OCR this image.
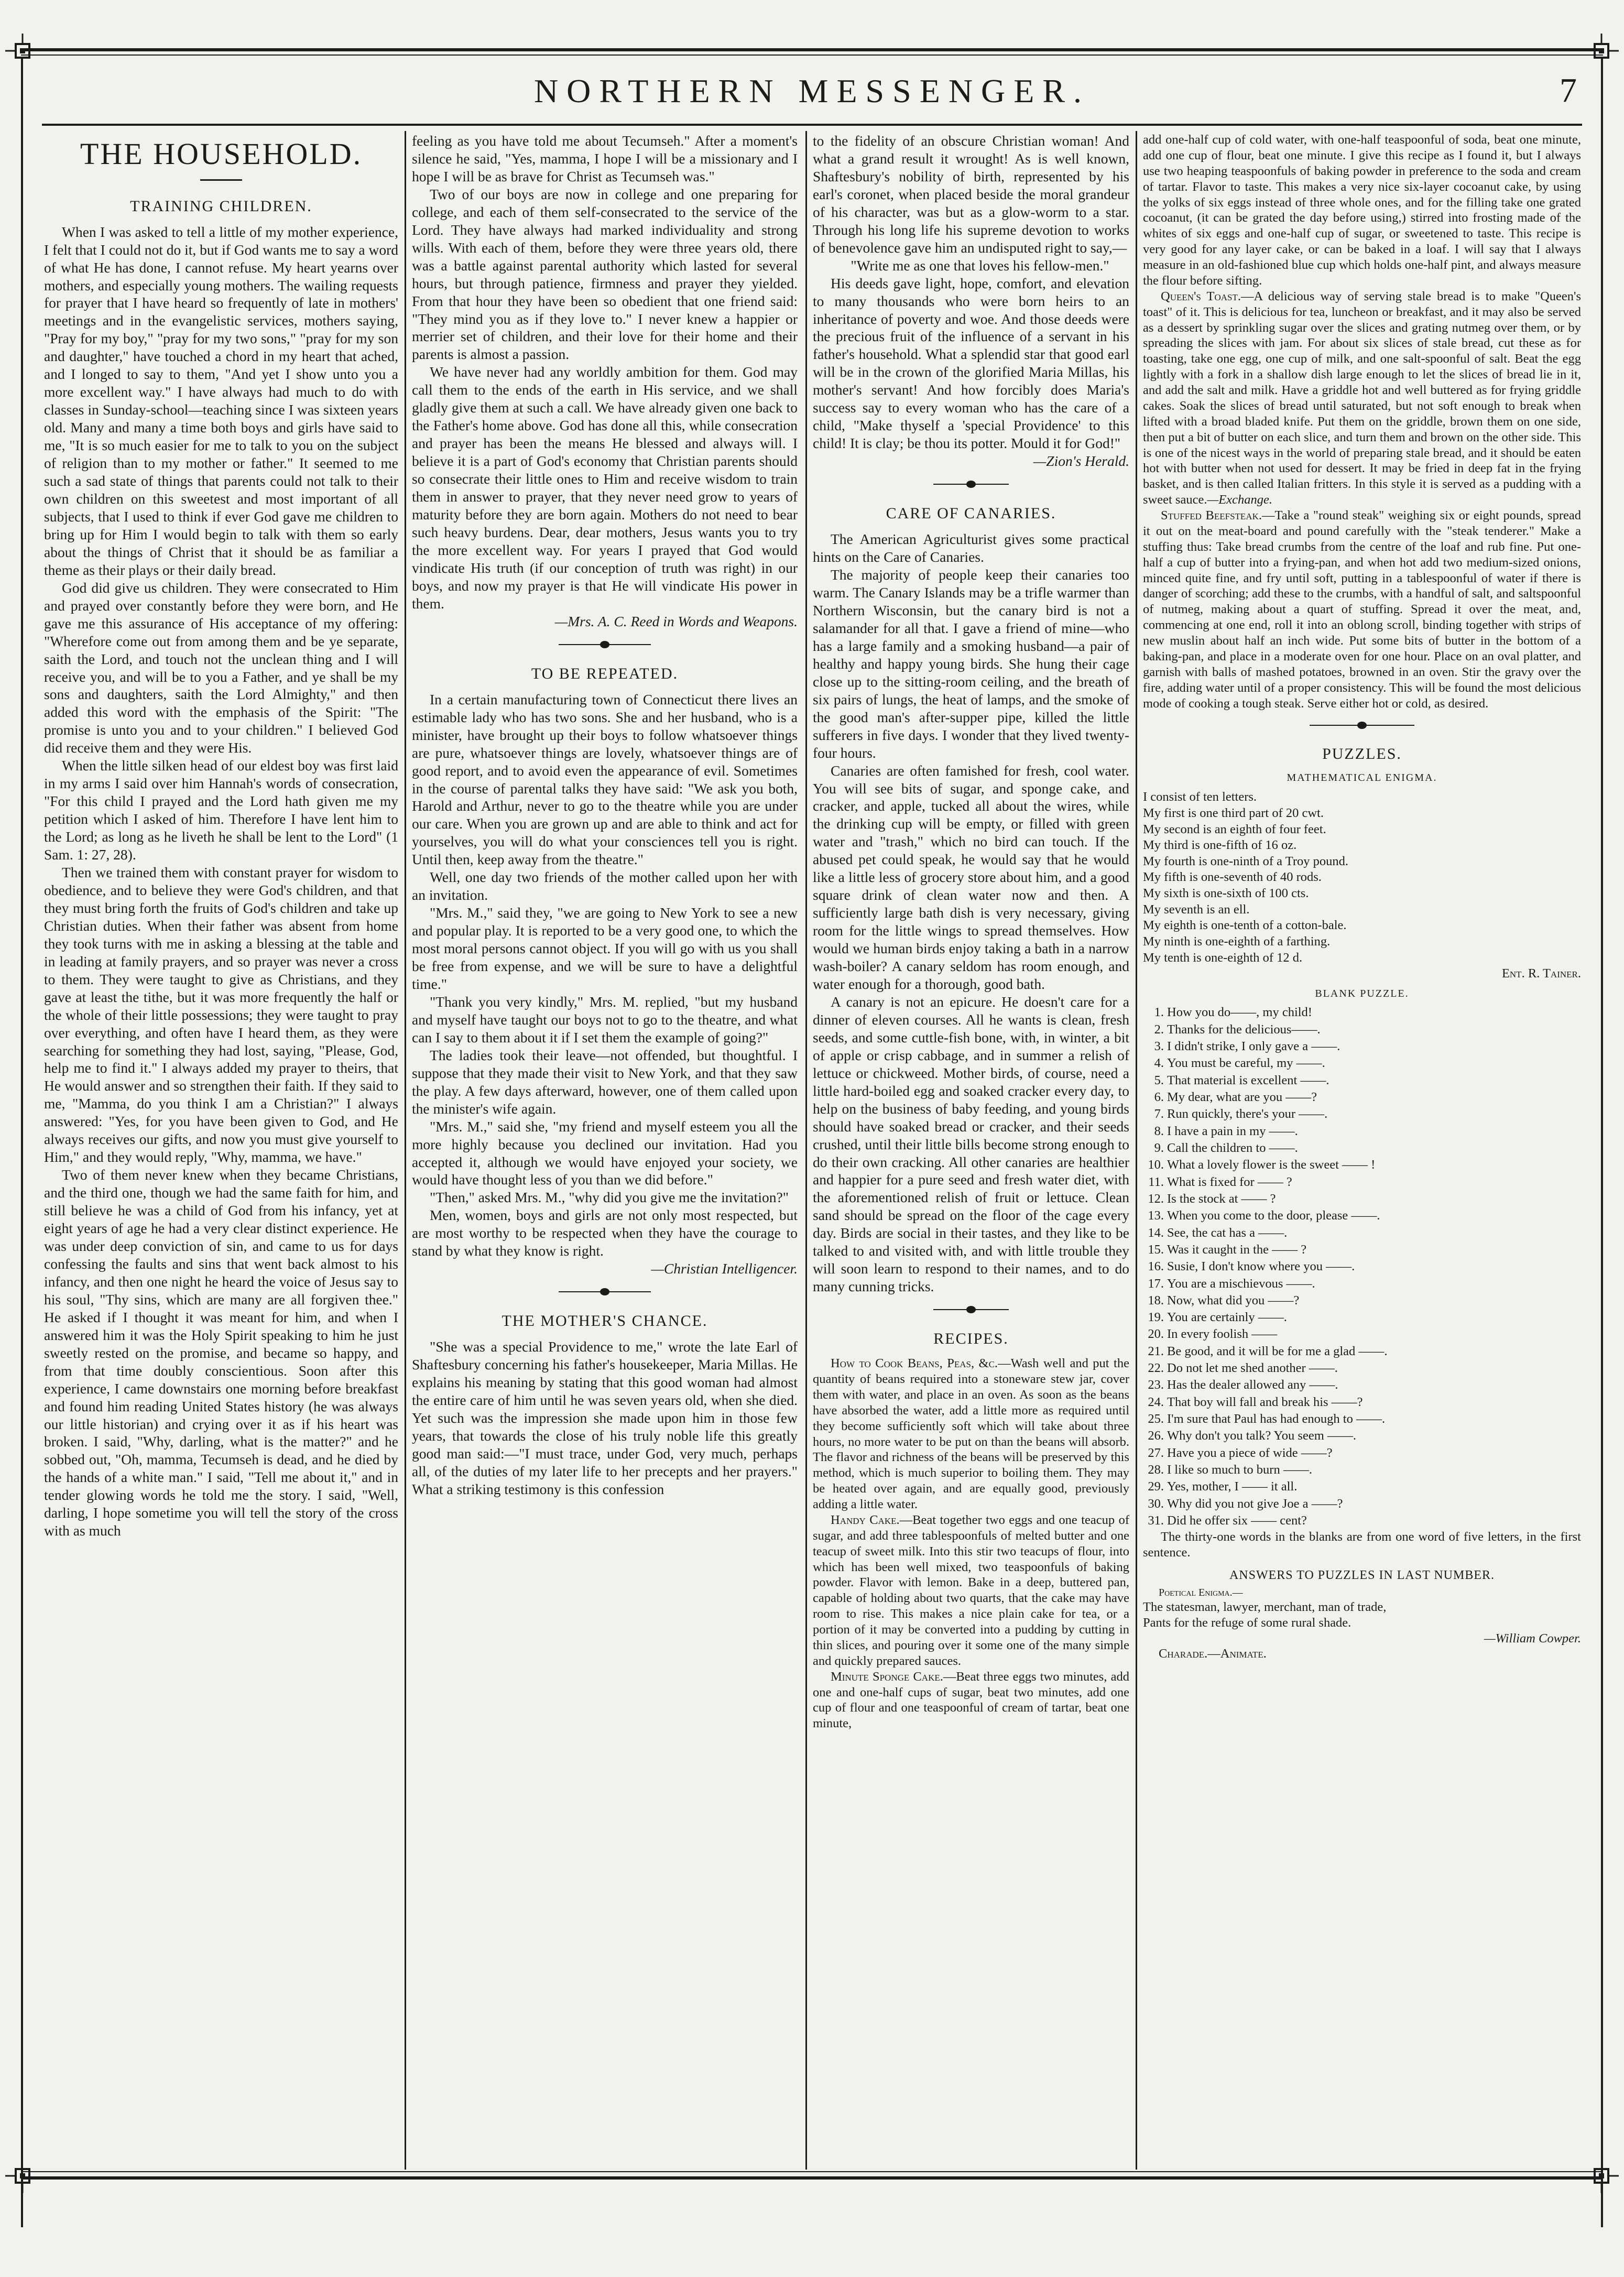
NORTHERN MESSENGER.	7
THE HOUSEHOLD.
TRAINING CHILDREN.

When I was asked to tell a little of my mother experience, I felt that I could not do it, but if God wants me to say a word of what He has done, I cannot refuse. My heart yearns over mothers, and especially young mothers. The wailing requests for prayer that I have heard so frequently of late in mothers' meetings and in the evangelistic services, mothers saying, "Pray for my boy," "pray for my two sons," "pray for my son and daughter," have touched a chord in my heart that ached, and I longed to say to them, "And yet I show unto you a more excellent way." I have always had much to do with classes in Sunday-school—teaching since I was sixteen years old. Many and many a time both boys and girls have said to me, "It is so much easier for me to talk to you on the subject of religion than to my mother or father." It seemed to me such a sad state of things that parents could not talk to their own children on this sweetest and most important of all subjects, that I used to think if ever God gave me children to bring up for Him I would begin to talk with them so early about the things of Christ that it should be as familiar a theme as their plays or their daily bread.

God did give us children. They were consecrated to Him and prayed over constantly before they were born, and He gave me this assurance of His acceptance of my offering: "Wherefore come out from among them and be ye separate, saith the Lord, and touch not the unclean thing and I will receive you, and will be to you a Father, and ye shall be my sons and daughters, saith the Lord Almighty," and then added this word with the emphasis of the Spirit: "The promise is unto you and to your children." I believed God did receive them and they were His.

When the little silken head of our eldest boy was first laid in my arms I said over him Hannah's words of consecration, "For this child I prayed and the Lord hath given me my petition which I asked of him. Therefore I have lent him to the Lord; as long as he liveth he shall be lent to the Lord" (1 Sam. 1: 27, 28).

Then we trained them with constant prayer for wisdom to obedience, and to believe they were God's children, and that they must bring forth the fruits of God's children and take up Christian duties. When their father was absent from home they took turns with me in asking a blessing at the table and in leading at family prayers, and so prayer was never a cross to them. They were taught to give as Christians, and they gave at least the tithe, but it was more frequently the half or the whole of their little possessions; they were taught to pray over everything, and often have I heard them, as they were searching for something they had lost, saying, "Please, God, help me to find it." I always added my prayer to theirs, that He would answer and so strengthen their faith. If they said to me, "Mamma, do you think I am a Christian?" I always answered: "Yes, for you have been given to God, and He always receives our gifts, and now you must give yourself to Him," and they would reply, "Why, mamma, we have."

Two of them never knew when they became Christians, and the third one, though we had the same faith for him, and still believe he was a child of God from his infancy, yet at eight years of age he had a very clear distinct experience. He was under deep conviction of sin, and came to us for days confessing the faults and sins that went back almost to his infancy, and then one night he heard the voice of Jesus say to his soul, "Thy sins, which are many are all forgiven thee." He asked if I thought it was meant for him, and when I answered him it was the Holy Spirit speaking to him he just sweetly rested on the promise, and became so happy, and from that time doubly conscientious. Soon after this experience, I came downstairs one morning before breakfast and found him reading United States history (he was always our little historian) and crying over it as if his heart was broken. I said, "Why, darling, what is the matter?" and he sobbed out, "Oh, mamma, Tecumseh is dead, and he died by the hands of a white man." I said, "Tell me about it," and in tender glowing words he told me the story. I said, "Well, darling, I hope sometime you will tell the story of the cross with as much

feeling as you have told me about Tecumseh." After a moment's silence he said, "Yes, mamma, I hope I will be a missionary and I hope I will be as brave for Christ as Tecumseh was."

Two of our boys are now in college and one preparing for college, and each of them self-consecrated to the service of the Lord. They have always had marked individuality and strong wills. With each of them, before they were three years old, there was a battle against parental authority which lasted for several hours, but through patience, firmness and prayer they yielded. From that hour they have been so obedient that one friend said: "They mind you as if they love to." I never knew a happier or merrier set of children, and their love for their home and their parents is almost a passion.

We have never had any worldly ambition for them. God may call them to the ends of the earth in His service, and we shall gladly give them at such a call. We have already given one back to the Father's home above. God has done all this, while consecration and prayer has been the means He blessed and always will. I believe it is a part of God's economy that Christian parents should so consecrate their little ones to Him and receive wisdom to train them in answer to prayer, that they never need grow to years of maturity before they are born again. Mothers do not need to bear such heavy burdens. Dear, dear mothers, Jesus wants you to try the more excellent way. For years I prayed that God would vindicate His truth (if our conception of truth was right) in our boys, and now my prayer is that He will vindicate His power in them.

—Mrs. A. C. Reed in Words and Weapons.

TO BE REPEATED.

In a certain manufacturing town of Connecticut there lives an estimable lady who has two sons. She and her husband, who is a minister, have brought up their boys to follow whatsoever things are pure, whatsoever things are lovely, whatsoever things are of good report, and to avoid even the appearance of evil. Sometimes in the course of parental talks they have said: "We ask you both, Harold and Arthur, never to go to the theatre while you are under our care. When you are grown up and are able to think and act for yourselves, you will do what your consciences tell you is right. Until then, keep away from the theatre."

Well, one day two friends of the mother called upon her with an invitation.

"Mrs. M.," said they, "we are going to New York to see a new and popular play. It is reported to be a very good one, to which the most moral persons cannot object. If you will go with us you shall be free from expense, and we will be sure to have a delightful time."

"Thank you very kindly," Mrs. M. replied, "but my husband and myself have taught our boys not to go to the theatre, and what can I say to them about it if I set them the example of going?"

The ladies took their leave—not offended, but thoughtful. I suppose that they made their visit to New York, and that they saw the play. A few days afterward, however, one of them called upon the minister's wife again.

"Mrs. M.," said she, "my friend and myself esteem you all the more highly because you declined our invitation. Had you accepted it, although we would have enjoyed your society, we would have thought less of you than we did before."

"Then," asked Mrs. M., "why did you give me the invitation?"

Men, women, boys and girls are not only most respected, but are most worthy to be respected when they have the courage to stand by what they know is right.

—Christian Intelligencer.

THE MOTHER'S CHANCE.

"She was a special Providence to me," wrote the late Earl of Shaftesbury concerning his father's housekeeper, Maria Millas. He explains his meaning by stating that this good woman had almost the entire care of him until he was seven years old, when she died. Yet such was the impression she made upon him in those few years, that towards the close of his truly noble life this greatly good man said:—"I must trace, under God, very much, perhaps all, of the duties of my later life to her precepts and her prayers." What a striking testimony is this confession

to the fidelity of an obscure Christian woman! And what a grand result it wrought! As is well known, Shaftesbury's nobility of birth, represented by his earl's coronet, when placed beside the moral grandeur of his character, was but as a glow-worm to a star. Through his long life his supreme devotion to works of benevolence gave him an undisputed right to say,—

"Write me as one that loves his fellow-men."

His deeds gave light, hope, comfort, and elevation to many thousands who were born heirs to an inheritance of poverty and woe. And those deeds were the precious fruit of the influence of a servant in his father's household. What a splendid star that good earl will be in the crown of the glorified Maria Millas, his mother's servant! And how forcibly does Maria's success say to every woman who has the care of a child, "Make thyself a 'special Providence' to this child! It is clay; be thou its potter. Mould it for God!"

—Zion's Herald.

CARE OF CANARIES.

The American Agriculturist gives some practical hints on the Care of Canaries.

The majority of people keep their canaries too warm. The Canary Islands may be a trifle warmer than Northern Wisconsin, but the canary bird is not a salamander for all that. I gave a friend of mine—who has a large family and a smoking husband—a pair of healthy and happy young birds. She hung their cage close up to the sitting-room ceiling, and the breath of six pairs of lungs, the heat of lamps, and the smoke of the good man's after-supper pipe, killed the little sufferers in five days. I wonder that they lived twenty-four hours.

Canaries are often famished for fresh, cool water. You will see bits of sugar, and sponge cake, and cracker, and apple, tucked all about the wires, while the drinking cup will be empty, or filled with green water and "trash," which no bird can touch. If the abused pet could speak, he would say that he would like a little less of grocery store about him, and a good square drink of clean water now and then. A sufficiently large bath dish is very necessary, giving room for the little wings to spread themselves. How would we human birds enjoy taking a bath in a narrow wash-boiler? A canary seldom has room enough, and water enough for a thorough, good bath.

A canary is not an epicure. He doesn't care for a dinner of eleven courses. All he wants is clean, fresh seeds, and some cuttle-fish bone, with, in winter, a bit of apple or crisp cabbage, and in summer a relish of lettuce or chickweed. Mother birds, of course, need a little hard-boiled egg and soaked cracker every day, to help on the business of baby feeding, and young birds should have soaked bread or cracker, and their seeds crushed, until their little bills become strong enough to do their own cracking. All other canaries are healthier and happier for a pure seed and fresh water diet, with the aforementioned relish of fruit or lettuce. Clean sand should be spread on the floor of the cage every day. Birds are social in their tastes, and they like to be talked to and visited with, and with little trouble they will soon learn to respond to their names, and to do many cunning tricks.

RECIPES.

How to Cook Beans, Peas, &c.—Wash well and put the quantity of beans required into a stoneware stew jar, cover them with water, and place in an oven. As soon as the beans have absorbed the water, add a little more as required until they become sufficiently soft which will take about three hours, no more water to be put on than the beans will absorb. The flavor and richness of the beans will be preserved by this method, which is much superior to boiling them. They may be heated over again, and are equally good, previously adding a little water.

Handy Cake.—Beat together two eggs and one teacup of sugar, and add three tablespoonfuls of melted butter and one teacup of sweet milk. Into this stir two teacups of flour, into which has been well mixed, two teaspoonfuls of baking powder. Flavor with lemon. Bake in a deep, buttered pan, capable of holding about two quarts, that the cake may have room to rise. This makes a nice plain cake for tea, or a portion of it may be converted into a pudding by cutting in thin slices, and pouring over it some one of the many simple and quickly prepared sauces.

Minute Sponge Cake.—Beat three eggs two minutes, add one and one-half cups of sugar, beat two minutes, add one cup of flour and one teaspoonful of cream of tartar, beat one minute,

add one-half cup of cold water, with one-half teaspoonful of soda, beat one minute, add one cup of flour, beat one minute. I give this recipe as I found it, but I always use two heaping teaspoonfuls of baking powder in preference to the soda and cream of tartar. Flavor to taste. This makes a very nice six-layer cocoanut cake, by using the yolks of six eggs instead of three whole ones, and for the filling take one grated cocoanut, (it can be grated the day before using,) stirred into frosting made of the whites of six eggs and one-half cup of sugar, or sweetened to taste. This recipe is very good for any layer cake, or can be baked in a loaf. I will say that I always measure in an old-fashioned blue cup which holds one-half pint, and always measure the flour before sifting.

Queen's Toast.—A delicious way of serving stale bread is to make "Queen's toast" of it. This is delicious for tea, luncheon or breakfast, and it may also be served as a dessert by sprinkling sugar over the slices and grating nutmeg over them, or by spreading the slices with jam. For about six slices of stale bread, cut these as for toasting, take one egg, one cup of milk, and one salt-spoonful of salt. Beat the egg lightly with a fork in a shallow dish large enough to let the slices of bread lie in it, and add the salt and milk. Have a griddle hot and well buttered as for frying griddle cakes. Soak the slices of bread until saturated, but not soft enough to break when lifted with a broad bladed knife. Put them on the griddle, brown them on one side, then put a bit of butter on each slice, and turn them and brown on the other side. This is one of the nicest ways in the world of preparing stale bread, and it should be eaten hot with butter when not used for dessert. It may be fried in deep fat in the frying basket, and is then called Italian fritters. In this style it is served as a pudding with a sweet sauce.—Exchange.

Stuffed Beefsteak.—Take a "round steak" weighing six or eight pounds, spread it out on the meat-board and pound carefully with the "steak tenderer." Make a stuffing thus: Take bread crumbs from the centre of the loaf and rub fine. Put one-half a cup of butter into a frying-pan, and when hot add two medium-sized onions, minced quite fine, and fry until soft, putting in a tablespoonful of water if there is danger of scorching; add these to the crumbs, with a handful of salt, and saltspoonful of nutmeg, making about a quart of stuffing. Spread it over the meat, and, commencing at one end, roll it into an oblong scroll, binding together with strips of new muslin about half an inch wide. Put some bits of butter in the bottom of a baking-pan, and place in a moderate oven for one hour. Place on an oval platter, and garnish with balls of mashed potatoes, browned in an oven. Stir the gravy over the fire, adding water until of a proper consistency. This will be found the most delicious mode of cooking a tough steak. Serve either hot or cold, as desired.

PUZZLES.
MATHEMATICAL ENIGMA.

I consist of ten letters.

My first is one third part of 20 cwt.

My second is an eighth of four feet.

My third is one-fifth of 16 oz.

My fourth is one-ninth of a Troy pound.

My fifth is one-seventh of 40 rods.

My sixth is one-sixth of 100 cts.

My seventh is an ell.

My eighth is one-tenth of a cotton-bale.

My ninth is one-eighth of a farthing.

My tenth is one-eighth of 12 d.

Ent. R. Tainer.

BLANK PUZZLE.
1. How you do——, my child!
2. Thanks for the delicious——.
3. I didn't strike, I only gave a ——.
4. You must be careful, my ——.
5. That material is excellent ——.
6. My dear, what are you ——?
7. Run quickly, there's your ——.
8. I have a pain in my ——.
9. Call the children to ——.
10. What a lovely flower is the sweet —— !
11. What is fixed for —— ?
12. Is the stock at —— ?
13. When you come to the door, please ——.
14. See, the cat has a ——.
15. Was it caught in the —— ?
16. Susie, I don't know where you ——.
17. You are a mischievous ——.
18. Now, what did you ——?
19. You are certainly ——.
20. In every foolish ——
21. Be good, and it will be for me a glad ——.
22. Do not let me shed another ——.
23. Has the dealer allowed any ——.
24. That boy will fall and break his ——?
25. I'm sure that Paul has had enough to ——.
26. Why don't you talk? You seem ——.
27. Have you a piece of wide ——?
28. I like so much to burn ——.
29. Yes, mother, I —— it all.
30. Why did you not give Joe a ——?
31. Did he offer six —— cent?

The thirty-one words in the blanks are from one word of five letters, in the first sentence.

ANSWERS TO PUZZLES IN LAST NUMBER.

Poetical Enigma.—

The statesman, lawyer, merchant, man of trade,

Pants for the refuge of some rural shade.

—William Cowper.

Charade.—Animate.
